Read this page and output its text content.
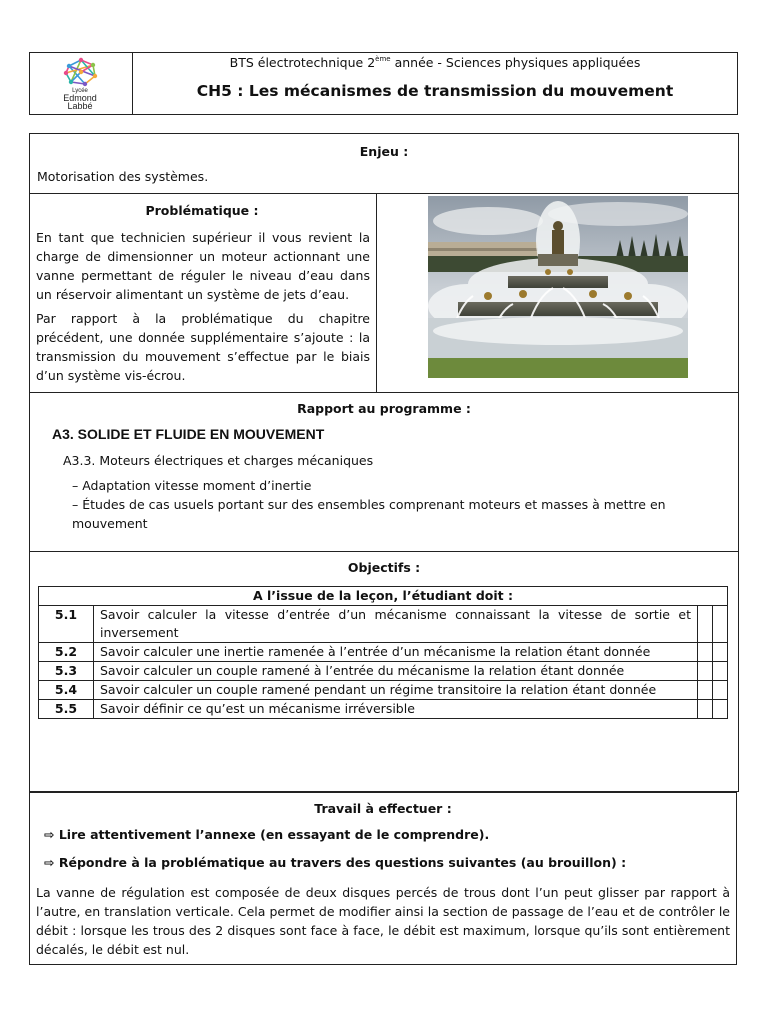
Lycée
Edmond
Labbé
BTS électrotechnique 2ème année - Sciences physiques appliquées
CH5 : Les mécanismes de transmission du mouvement
Enjeu :
Motorisation des systèmes.
Problématique :
En tant que technicien supérieur il vous revient la charge de dimensionner un moteur actionnant une vanne permettant de réguler le niveau d’eau dans un réservoir alimentant un système de jets d’eau.
Par rapport à la problématique du chapitre précédent, une donnée supplémentaire s’ajoute : la transmission du mouvement s’effectue par le biais d’un système vis-écrou.
Rapport au programme :
A3. SOLIDE ET FLUIDE EN MOUVEMENT
A3.3. Moteurs électriques et charges mécaniques
– Adaptation vitesse moment d’inertie
– Études de cas usuels portant sur des ensembles comprenant moteurs et masses à mettre en
mouvement
Objectifs :
A l’issue de la leçon, l’étudiant doit :			
5.1	Savoir calculer la vitesse d’entrée d’un mécanisme connaissant la vitesse de sortie et inversement		
5.2	Savoir calculer une inertie ramenée à l’entrée d’un mécanisme la relation étant donnée		
5.3	Savoir calculer un couple ramené à l’entrée du mécanisme la relation étant donnée		
5.4	Savoir calculer un couple ramené pendant un régime transitoire la relation étant donnée		
5.5	Savoir définir ce qu’est un mécanisme irréversible		
Travail à effectuer :
⇨ Lire attentivement l’annexe (en essayant de le comprendre).
⇨ Répondre à la problématique au travers des questions suivantes (au brouillon) :
La vanne de régulation est composée de deux disques percés de trous dont l’un peut glisser par rapport à l’autre, en translation verticale. Cela permet de modifier ainsi la section de passage de l’eau et de contrôler le débit : lorsque les trous des 2 disques sont face à face, le débit est maximum, lorsque qu’ils sont entièrement décalés, le débit est nul.
